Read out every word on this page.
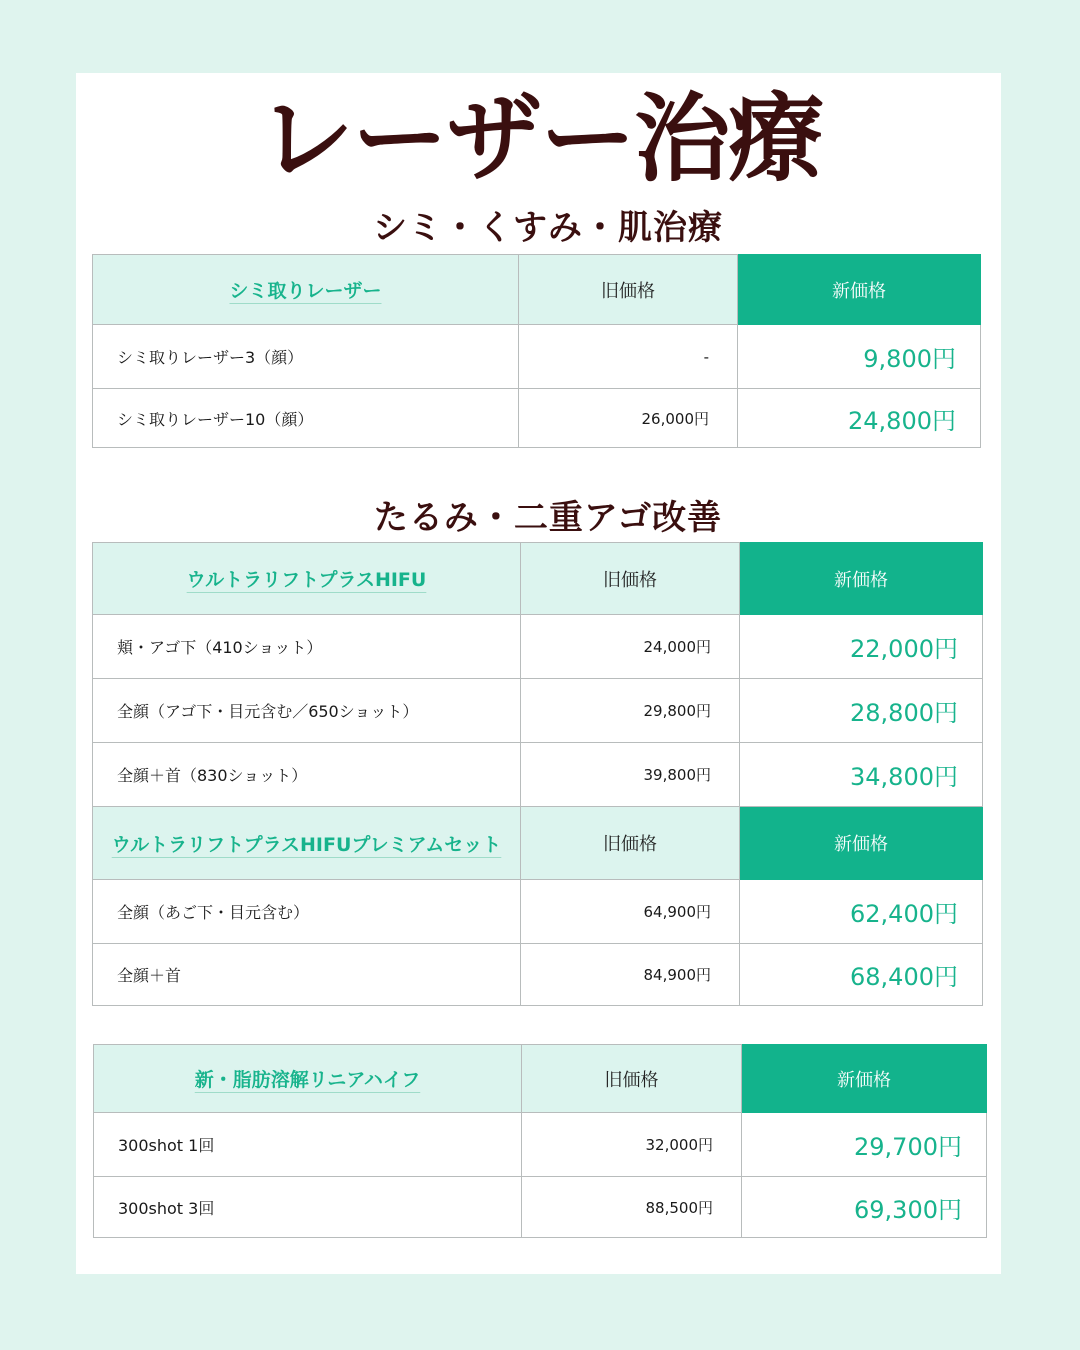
レーザー治療
シミ・くすみ・肌治療
シミ取りレーザー	旧価格	新価格
シミ取りレーザー3（顔）	-	9,800円
シミ取りレーザー10（顔）	26,000円	24,800円
たるみ・二重アゴ改善
ウルトラリフトプラスHIFU	旧価格	新価格
頬・アゴ下（410ショット）	24,000円	22,000円
全顔（アゴ下・目元含む／650ショット）	29,800円	28,800円
全顔＋首（830ショット）	39,800円	34,800円
ウルトラリフトプラスHIFUプレミアムセット	旧価格	新価格
全顔（あご下・目元含む）	64,900円	62,400円
全顔＋首	84,900円	68,400円
新・脂肪溶解リニアハイフ	旧価格	新価格
300shot 1回	32,000円	29,700円
300shot 3回	88,500円	69,300円
